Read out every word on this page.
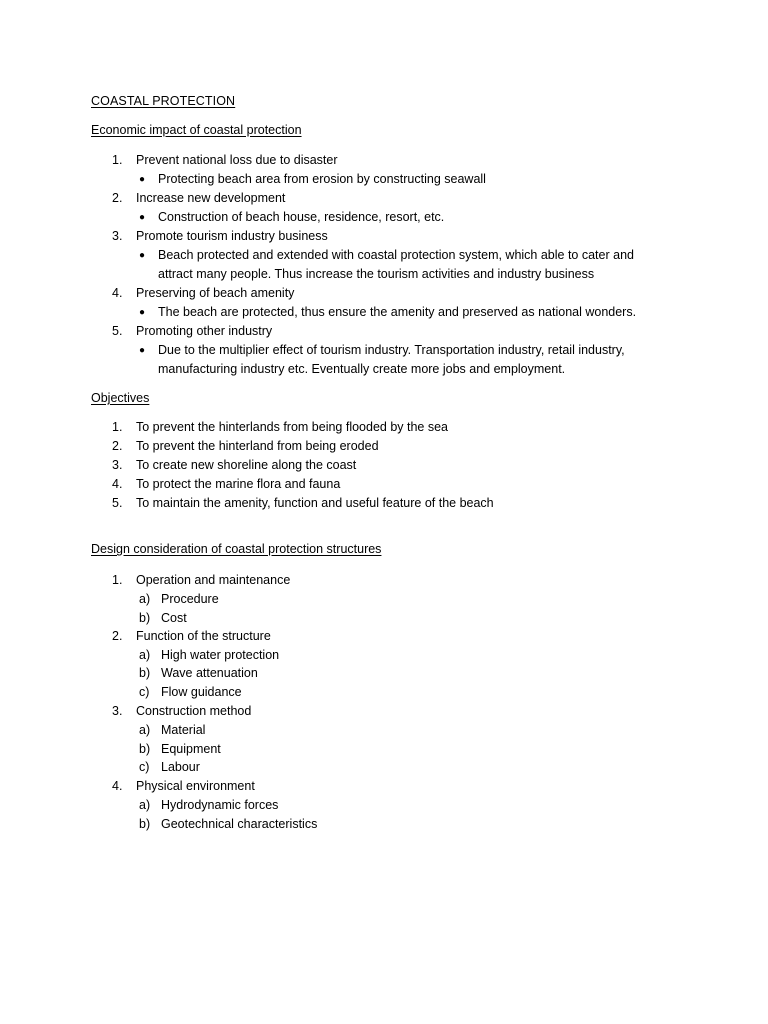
COASTAL PROTECTION
Economic impact of coastal protection
1.	Prevent national loss due to disaster
● Protecting beach area from erosion by constructing seawall
2.	Increase new development
● Construction of beach house, residence, resort, etc.
3.	Promote tourism industry business
● Beach protected and extended with coastal protection system, which able to cater and attract many people. Thus increase the tourism activities and industry business
4.	Preserving of beach amenity
● The beach are protected, thus ensure the amenity and preserved as national wonders.
5.	Promoting other industry
● Due to the multiplier effect of tourism industry. Transportation industry, retail industry, manufacturing industry etc. Eventually create more jobs and employment.
Objectives
1.	To prevent the hinterlands from being flooded by the sea
2.	To prevent the hinterland from being eroded
3.	To create new shoreline along the coast
4.	To protect the marine flora and fauna
5.	To maintain the amenity, function and useful feature of the beach
Design consideration of coastal protection structures
1.	Operation and maintenance
a) Procedure
b) Cost
2.	Function of the structure
a) High water protection
b) Wave attenuation
c) Flow guidance
3.	Construction method
a) Material
b) Equipment
c) Labour
4.	Physical environment
a) Hydrodynamic forces
b) Geotechnical characteristics
